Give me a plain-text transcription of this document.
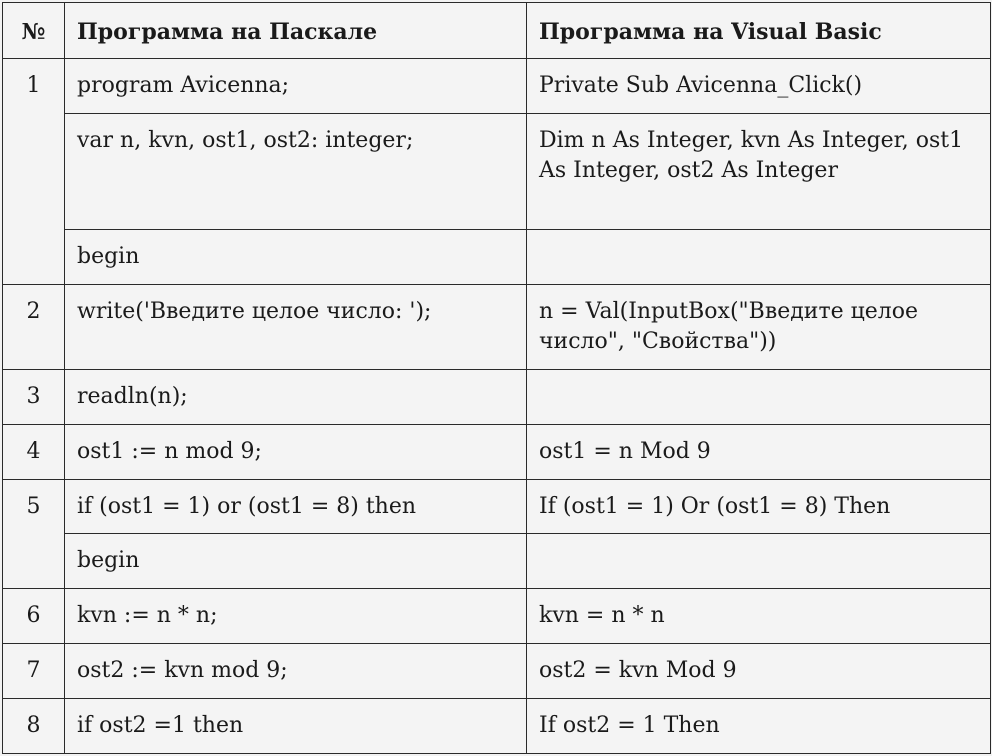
№	Программа на Паскале	Программа на Visual Basic
1	program Avicenna;	Private Sub Avicenna_Click()
	var n, kvn, ost1, ost2: integer;	Dim n As Integer, kvn As Integer, ost1 As Integer, ost2 As Integer
	begin	
2	write('Введите целое число: ');	n = Val(InputBox("Введите целое число", "Свойства"))
3	readln(n);	
4	ost1 := n mod 9;	ost1 = n Mod 9
5	if (ost1 = 1) or (ost1 = 8) then	If (ost1 = 1) Or (ost1 = 8) Then
	begin	
6	kvn := n * n;	kvn = n * n
7	ost2 := kvn mod 9;	ost2 = kvn Mod 9
8	if ost2 =1 then	If ost2 = 1 Then
